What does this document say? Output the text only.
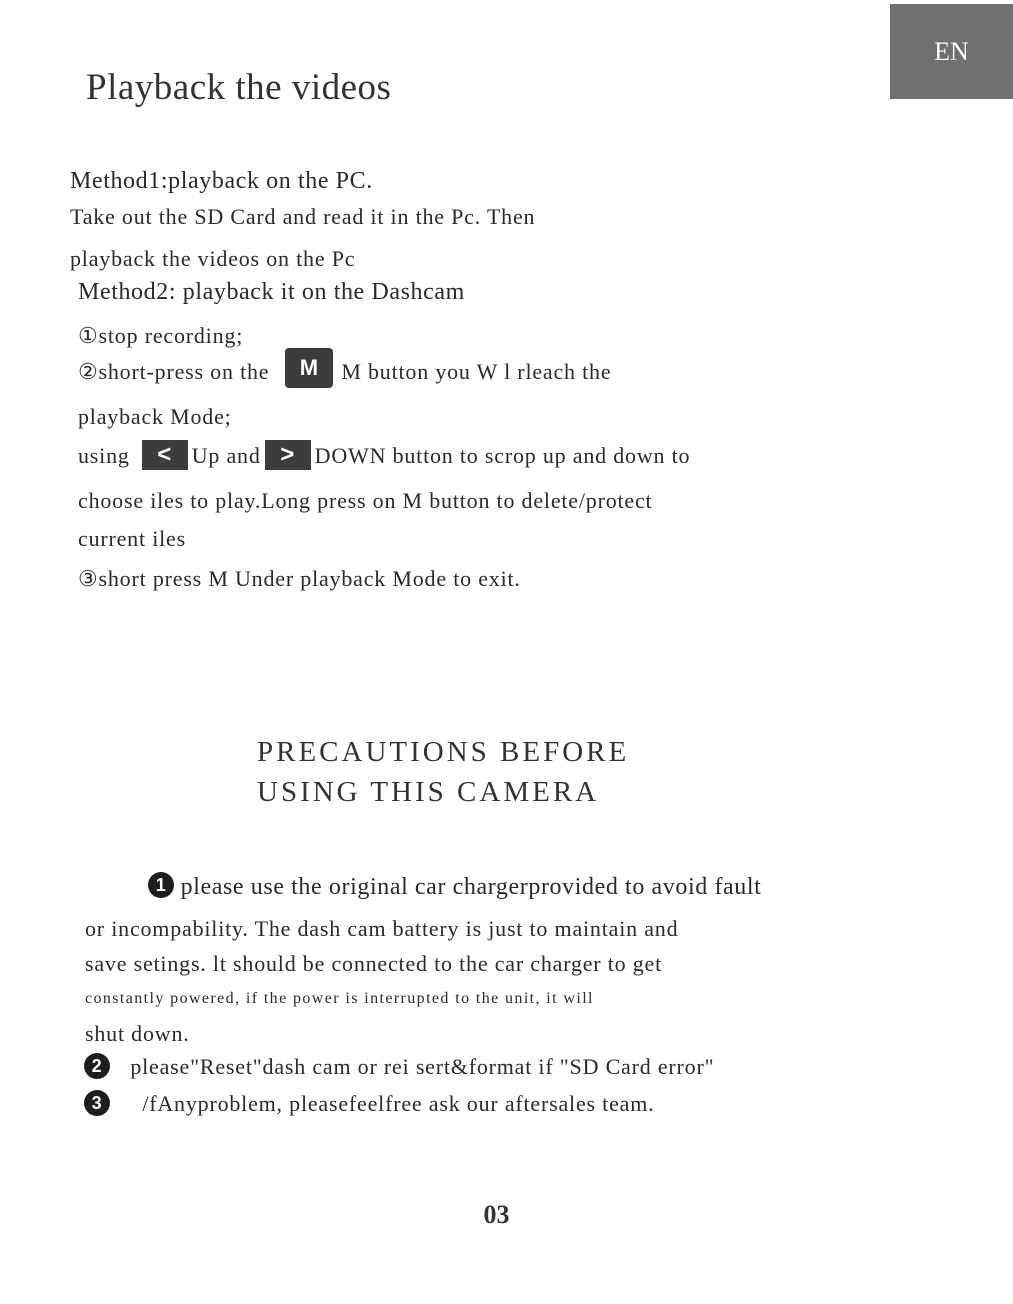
EN
Playback the videos
Method1:playback on the PC.
Take out the SD Card and read it in the Pc. Then
playback the videos on the Pc
Method2: playback it on the Dashcam
①stop recording;
②short-press on the M M button you W l rleach the
playback Mode;
using < Up and > DOWN button to scrop up and down to
choose iles to play.Long press on M button to delete/protect
current iles
③short press M Under playback Mode to exit.
PRECAUTIONS BEFORE
USING THIS CAMERA
1 please use the original car chargerprovided to avoid fault
or incompability. The dash cam battery is just to maintain and
save setings. lt should be connected to the car charger to get
constantly powered, if the power is interrupted to the unit, it will
shut down.
2 please"Reset"dash cam or rei sert&format if "SD Card error"
3 /fAnyproblem, pleasefeelfree ask our aftersales team.
03
